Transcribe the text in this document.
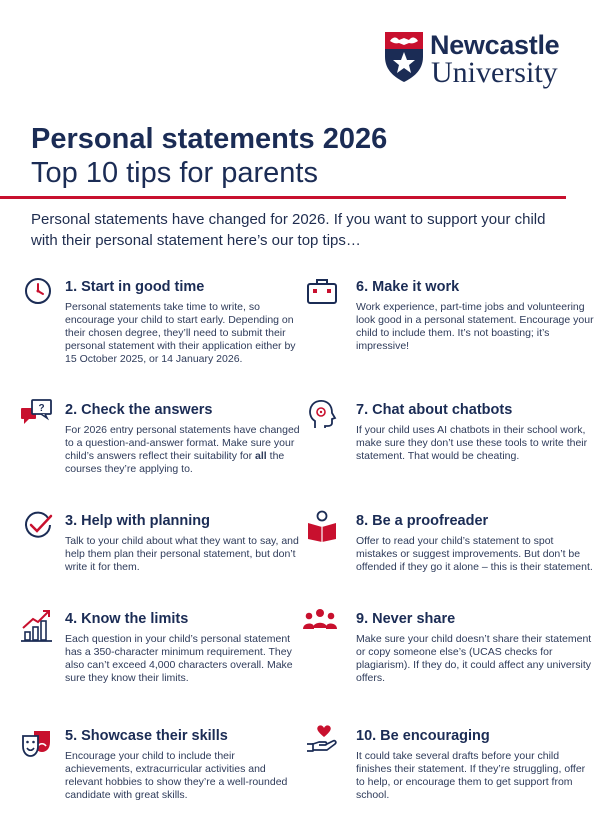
Newcastle
University
Personal statements 2026
Top 10 tips for parents

Personal statements have changed for 2026. If you want to support your child with their personal statement here’s our top tips…

1. Start in good time

Personal statements take time to write, so encourage your child to start early. Depending on their chosen degree, they’ll need to submit their personal statement with their application either by 15 October 2025, or 14 January 2026.

? 2. Check the answers

For 2026 entry personal statements have changed to a question-and-answer format. Make sure your child’s answers reflect their suitability for all the courses they’re applying to.

3. Help with planning

Talk to your child about what they want to say, and help them plan their personal statement, but don’t write it for them.

4. Know the limits

Each question in your child’s personal statement has a 350-character minimum requirement. They also can’t exceed 4,000 characters overall. Make sure they know their limits.

5. Showcase their skills

Encourage your child to include their achievements, extracurricular activities and relevant hobbies to show they’re a well-rounded candidate with great skills.

6. Make it work

Work experience, part-time jobs and volunteering look good in a personal statement. Encourage your child to include them. It’s not boasting; it’s impressive!

7. Chat about chatbots

If your child uses AI chatbots in their school work, make sure they don’t use these tools to write their statement. That would be cheating.

8. Be a proofreader

Offer to read your child’s statement to spot mistakes or suggest improvements. But don’t be offended if they go it alone – this is their statement.

9. Never share

Make sure your child doesn’t share their statement or copy someone else’s (UCAS checks for plagiarism). If they do, it could affect any university offers.

10. Be encouraging

It could take several drafts before your child finishes their statement. If they’re struggling, offer to help, or encourage them to get support from school.
